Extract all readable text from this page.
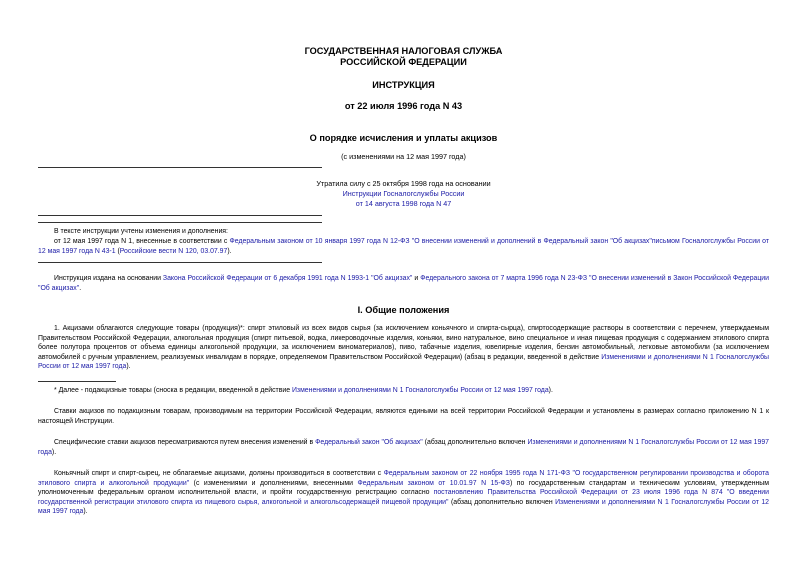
ГОСУДАРСТВЕННАЯ НАЛОГОВАЯ СЛУЖБА
РОССИЙСКОЙ ФЕДЕРАЦИИ
ИНСТРУКЦИЯ
от 22 июля 1996 года N 43
О порядке исчисления и уплаты акцизов
(с изменениями на 12 мая 1997 года)
Утратила силу с 25 октября 1998 года на основании
Инструкции Госналогслужбы России
от 14 августа 1998 года N 47
В тексте инструкции учтены изменения и дополнения:
от 12 мая 1997 года N 1, внесенные в соответствии с Федеральным законом от 10 января 1997 года N 12-ФЗ "О внесении изменений и дополнений в Федеральный закон "Об акцизах"письмом Госналогслужбы России от 12 мая 1997 года N 43-1 (Российские вести N 120, 03.07.97).
Инструкция издана на основании Закона Российской Федерации от 6 декабря 1991 года N 1993-1 "Об акцизах" и Федерального закона от 7 марта 1996 года N 23-ФЗ "О внесении изменений в Закон Российской Федерации "Об акцизах".
I. Общие положения
1. Акцизами облагаются следующие товары (продукция)*: спирт этиловый из всех видов сырья (за исключением коньячного и спирта-сырца), спиртосодержащие растворы в соответствии с перечнем, утверждаемым Правительством Российской Федерации, алкогольная продукция (спирт питьевой, водка, ликероводочные изделия, коньяки, вино натуральное, вино специальное и иная пищевая продукция с содержанием этилового спирта более полутора процентов от объема единицы алкогольной продукции, за исключением виноматериалов), пиво, табачные изделия, ювелирные изделия, бензин автомобильный, легковые автомобили (за исключением автомобилей с ручным управлением, реализуемых инвалидам в порядке, определяемом Правительством Российской Федерации) (абзац в редакции, введенной в действие Изменениями и дополнениями N 1 Госналогслужбы России от 12 мая 1997 года).
* Далее - подакцизные товары (сноска в редакции, введенной в действие Изменениями и дополнениями N 1 Госналогслужбы России от 12 мая 1997 года).
Ставки акцизов по подакцизным товарам, производимым на территории Российской Федерации, являются едиными на всей территории Российской Федерации и установлены в размерах согласно приложению N 1 к настоящей Инструкции.
Специфические ставки акцизов пересматриваются путем внесения изменений в Федеральный закон "Об акцизах" (абзац дополнительно включен Изменениями и дополнениями N 1 Госналогслужбы России от 12 мая 1997 года).
Коньячный спирт и спирт-сырец, не облагаемые акцизами, должны производиться в соответствии с Федеральным законом от 22 ноября 1995 года N 171-ФЗ "О государственном регулировании производства и оборота этилового спирта и алкогольной продукции" (с изменениями и дополнениями, внесенными Федеральным законом от 10.01.97 N 15-ФЗ) по государственным стандартам и техническим условиям, утвержденным уполномоченным федеральным органом исполнительной власти, и пройти государственную регистрацию согласно постановлению Правительства Российской Федерации от 23 июля 1996 года N 874 "О введении государственной регистрации этилового спирта из пищевого сырья, алкогольной и алкогольсодержащей пищевой продукции" (абзац дополнительно включен Изменениями и дополнениями N 1 Госналогслужбы России от 12 мая 1997 года).
